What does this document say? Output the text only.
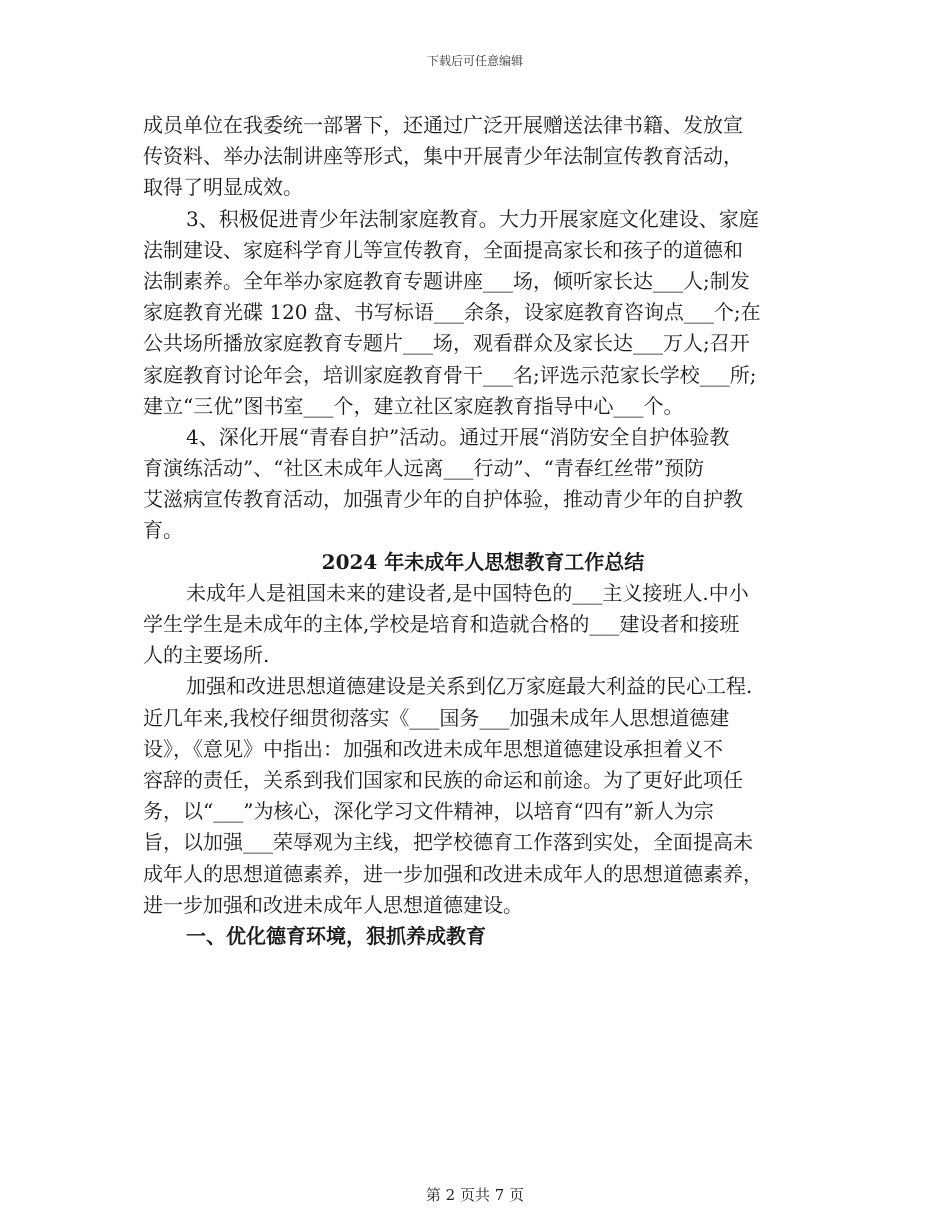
下载后可任意编辑
成员单位在我委统一部署下，还通过广泛开展赠送法律书籍、发放宣
传资料、举办法制讲座等形式，集中开展青少年法制宣传教育活动，
取得了明显成效。
3、积极促进青少年法制家庭教育。大力开展家庭文化建设、家庭
法制建设、家庭科学育儿等宣传教育，全面提高家长和孩子的道德和
法制素养。全年举办家庭教育专题讲座___场，倾听家长达___人;制发
家庭教育光碟 120 盘、书写标语___余条，设家庭教育咨询点___个;在
公共场所播放家庭教育专题片___场，观看群众及家长达___万人;召开
家庭教育讨论年会，培训家庭教育骨干___名;评选示范家长学校___所;
建立“三优”图书室___个，建立社区家庭教育指导中心___个。
4、深化开展“青春自护”活动。通过开展“消防安全自护体验教
育演练活动”、“社区未成年人远离___行动”、“青春红丝带”预防
艾滋病宣传教育活动，加强青少年的自护体验，推动青少年的自护教
育。
2024 年未成年人思想教育工作总结
未成年人是祖国未来的建设者,是中国特色的___主义接班人.中小
学生学生是未成年的主体,学校是培育和造就合格的___建设者和接班
人的主要场所.
加强和改进思想道德建设是关系到亿万家庭最大利益的民心工程.
近几年来,我校仔细贯彻落实《___国务___加强未成年人思想道德建
设》，《意见》中指出：加强和改进未成年思想道德建设承担着义不
容辞的责任，关系到我们国家和民族的命运和前途。为了更好此项任
务，以“___”为核心，深化学习文件精神，以培育“四有”新人为宗
旨，以加强___荣辱观为主线，把学校德育工作落到实处，全面提高未
成年人的思想道德素养，进一步加强和改进未成年人的思想道德素养，
进一步加强和改进未成年人思想道德建设。
一、优化德育环境，狠抓养成教育
第 2 页共 7 页
